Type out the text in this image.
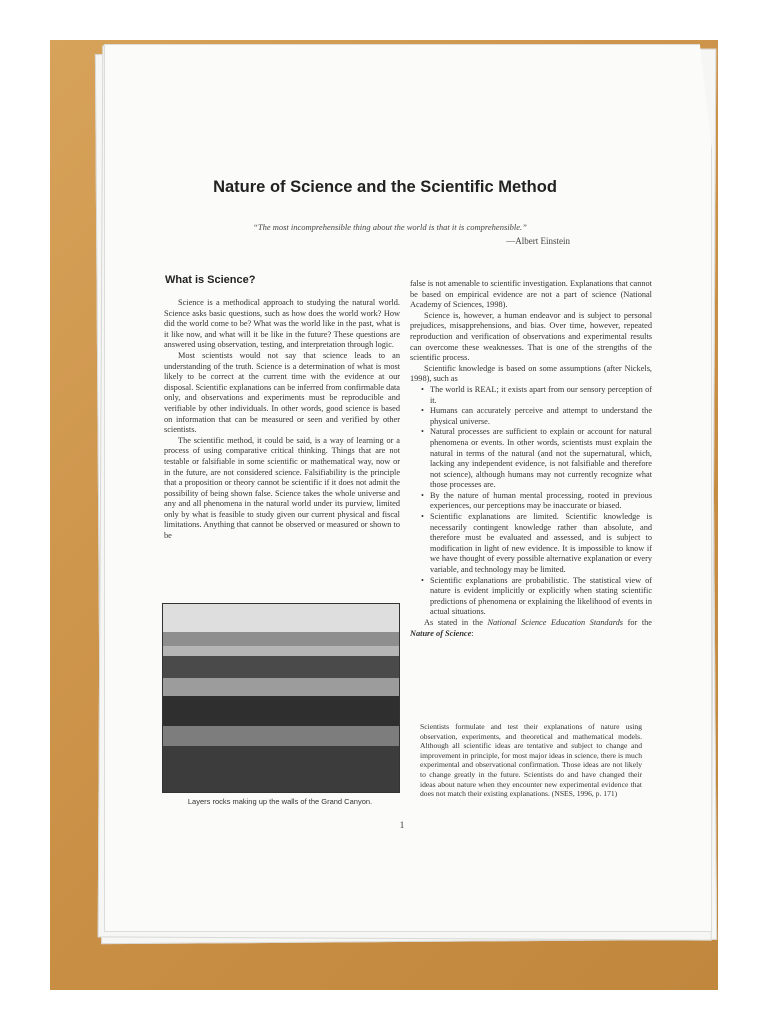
Nature of Science and the Scientific Method
“The most incomprehensible thing about the world is that it is comprehensible.”
—Albert Einstein
What is Science?

Science is a methodical approach to studying the natural world. Science asks basic questions, such as how does the world work? How did the world come to be? What was the world like in the past, what is it like now, and what will it be like in the future? These questions are answered using observation, testing, and interpretation through logic.

Most scientists would not say that science leads to an understanding of the truth. Science is a determination of what is most likely to be correct at the current time with the evidence at our disposal. Scientific explanations can be inferred from confirmable data only, and observations and experiments must be reproducible and verifiable by other individuals. In other words, good science is based on information that can be measured or seen and verified by other scientists.

The scientific method, it could be said, is a way of learning or a process of using comparative critical thinking. Things that are not testable or falsifiable in some scientific or mathematical way, now or in the future, are not considered science. Falsifiability is the principle that a proposition or theory cannot be scientific if it does not admit the possibility of being shown false. Science takes the whole universe and any and all phenomena in the natural world under its purview, limited only by what is feasible to study given our current physical and fiscal limitations. Anything that cannot be observed or measured or shown to be

Layers rocks making up the walls of the Grand Canyon.

false is not amenable to scientific investigation. Explanations that cannot be based on empirical evidence are not a part of science (National Academy of Sciences, 1998).

Science is, however, a human endeavor and is subject to personal prejudices, misapprehensions, and bias. Over time, however, repeated reproduction and verification of observations and experimental results can overcome these weaknesses. That is one of the strengths of the scientific process.

Scientific knowledge is based on some assumptions (after Nickels, 1998), such as

• The world is REAL; it exists apart from our sensory perception of it.
• Humans can accurately perceive and attempt to understand the physical universe.
• Natural processes are sufficient to explain or account for natural phenomena or events. In other words, scientists must explain the natural in terms of the natural (and not the supernatural, which, lacking any independent evidence, is not falsifiable and therefore not science), although humans may not currently recognize what those processes are.
• By the nature of human mental processing, rooted in previous experiences, our perceptions may be inaccurate or biased.
• Scientific explanations are limited. Scientific knowledge is necessarily contingent knowledge rather than absolute, and therefore must be evaluated and assessed, and is subject to modification in light of new evidence. It is impossible to know if we have thought of every possible alternative explanation or every variable, and technology may be limited.
• Scientific explanations are probabilistic. The statistical view of nature is evident implicitly or explicitly when stating scientific predictions of phenomena or explaining the likelihood of events in actual situations.

As stated in the National Science Education Standards for the Nature of Science:

Scientists formulate and test their explanations of nature using observation, experiments, and theoretical and mathematical models. Although all scientific ideas are tentative and subject to change and improvement in principle, for most major ideas in science, there is much experimental and observational confirmation. Those ideas are not likely to change greatly in the future. Scientists do and have changed their ideas about nature when they encounter new experimental evidence that does not match their existing explanations. (NSES, 1996, p. 171)
1
